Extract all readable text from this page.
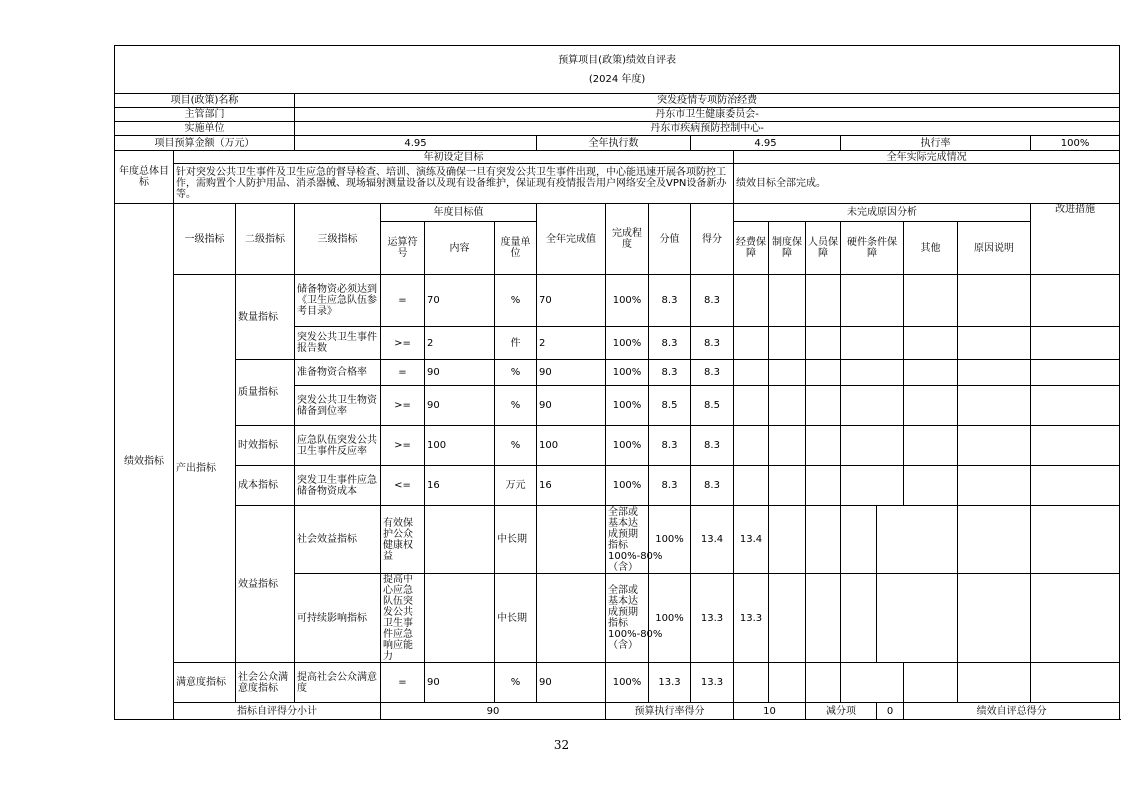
预算项目(政策)绩效自评表
(2024 年度)																			
项目(政策)名称			突发疫情专项防治经费																
主管部门			丹东市卫生健康委员会-																
实施单位			丹东市疾病预防控制中心-																
项目预算金额（万元）			4.95				全年执行数			4.95				执行率				100%	
年度总体目标	年初设定目标										全年实际完成情况								
	针对突发公共卫生事件及卫生应急的督导检查、培训、演练及确保一旦有突发公共卫生事件出现，中心能迅速开展各项防控工作，需购置个人防护用品、消杀器械、现场辐射测量设备以及现有设备维护，保证现有疫情报告用户网络安全及VPN设备新办等。										绩效目标全部完成。								
绩效指标	一级指标	二级指标	三级指标	年度目标值			全年完成值	完成程度	分值	得分	未完成原因分析							改进措施	
				运算符号	内容	度量单位					经费保障	制度保障	人员保障	硬件条件保障		其他	原因说明		
	产出指标	数量指标	储备物资必须达到《卫生应急队伍参考目录》	=	70	%	70	100%	8.3	8.3									
			突发公共卫生事件报告数	>=	2	件	2	100%	8.3	8.3									
		质量指标	准备物资合格率	=	90	%	90	100%	8.3	8.3									
			突发公共卫生物资储备到位率	>=	90	%	90	100%	8.5	8.5									
		时效指标	应急队伍突发公共卫生事件反应率	>=	100	%	100	100%	8.3	8.3									
		成本指标	突发卫生事件应急储备物资成本	<=	16	万元	16	100%	8.3	8.3									
		效益指标	社会效益指标	有效保护公众健康权益		中长期		全部或基本达成预期指标100%-80%（含）	100%	13.4	13.4								
			可持续影响指标	提高中心应急队伍突发公共卫生事件应急响应能力		中长期		全部或基本达成预期指标100%-80%（含）	100%	13.3	13.3								
	满意度指标	社会公众满意度指标	提高社会公众满意度	=	90	%	90	100%	13.3	13.3									
	指标自评得分小计			90				预算执行率得分			10		减分项		0	绩效自评总得分	
32
